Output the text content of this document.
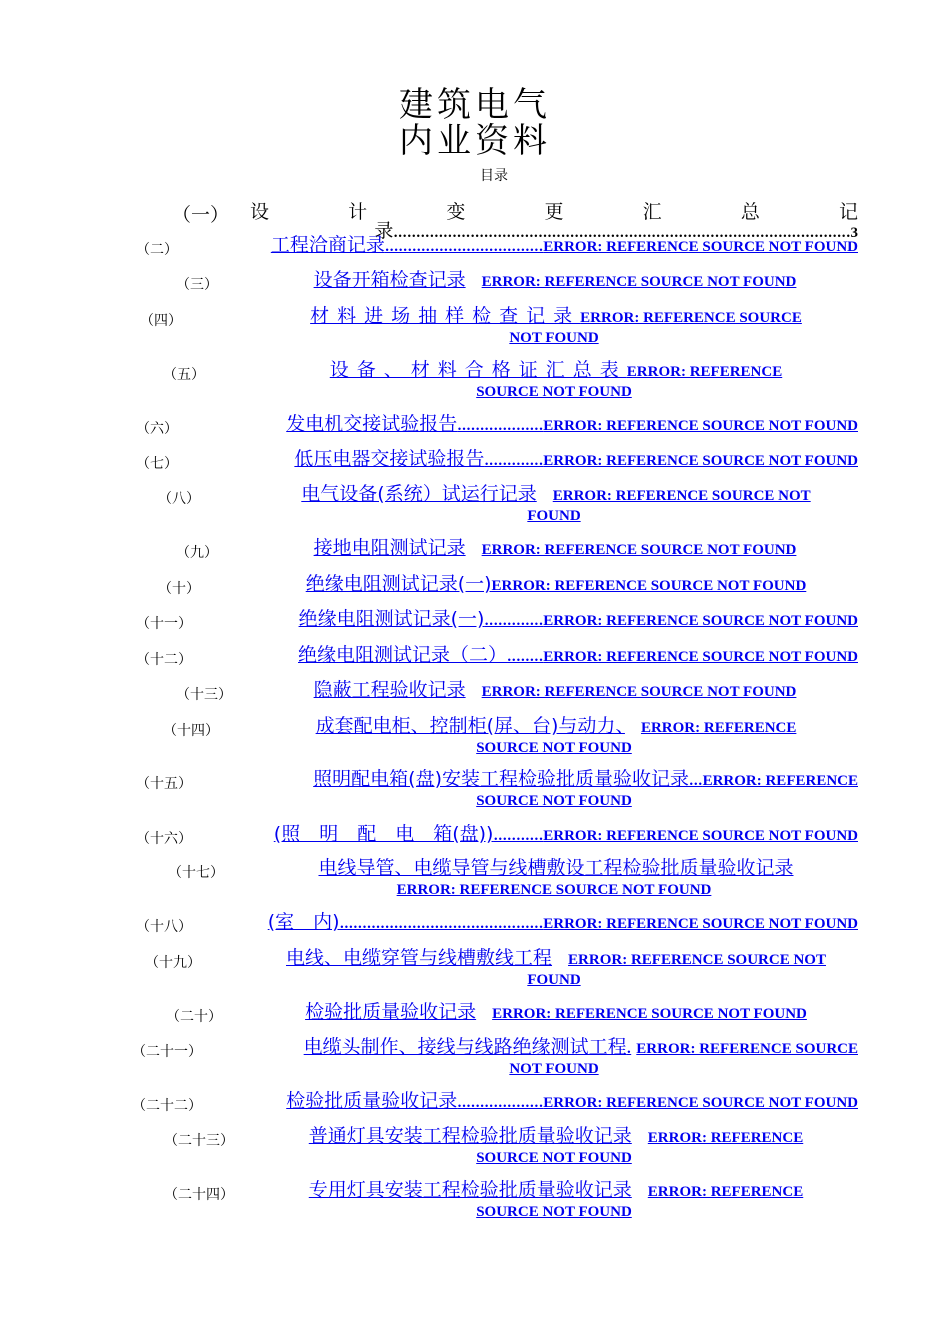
建筑电气
内业资料
目录
（一） 设计变更汇总记录.....................................................................................................3
（二）	工程洽商记录...................................ERROR: REFERENCE SOURCE NOT FOUND
（三）	设备开箱检查记录　 ERROR: REFERENCE SOURCE NOT FOUND
（四）	材料进场抽样检查记录ERROR: REFERENCE SOURCE
NOT FOUND
（五）	设备、材料合格证汇总表ERROR: REFERENCE
SOURCE NOT FOUND
（六）	发电机交接试验报告...................ERROR: REFERENCE SOURCE NOT FOUND
（七）	低压电器交接试验报告.............ERROR: REFERENCE SOURCE NOT FOUND
（八）	电气设备(系统）试运行记录　 ERROR: REFERENCE SOURCE NOT
FOUND
（九）	接地电阻测试记录　 ERROR: REFERENCE SOURCE NOT FOUND
（十）	绝缘电阻测试记录(一)ERROR: REFERENCE SOURCE NOT FOUND
（十一）	绝缘电阻测试记录(一).............ERROR: REFERENCE SOURCE NOT FOUND
（十二）	绝缘电阻测试记录（二）........ERROR: REFERENCE SOURCE NOT FOUND
（十三）	隐蔽工程验收记录　 ERROR: REFERENCE SOURCE NOT FOUND
（十四）	成套配电柜、控制柜(屏、台)与动力、　 ERROR: REFERENCE
SOURCE NOT FOUND
（十五）	照明配电箱(盘)安装工程检验批质量验收记录...ERROR: REFERENCE
SOURCE NOT FOUND
（十六）	(照　明　配　电　箱(盘))...........ERROR: REFERENCE SOURCE NOT FOUND
（十七）	电线导管、电缆导管与线槽敷设工程检验批质量验收记录
ERROR: REFERENCE SOURCE NOT FOUND
（十八）	(室　内).............................................ERROR: REFERENCE SOURCE NOT FOUND
（十九）	电线、电缆穿管与线槽敷线工程　 ERROR: REFERENCE SOURCE NOT
FOUND
（二十）	检验批质量验收记录　 ERROR: REFERENCE SOURCE NOT FOUND
（二十一）	电缆头制作、接线与线路绝缘测试工程. ERROR: REFERENCE SOURCE
NOT FOUND
（二十二）	检验批质量验收记录...................ERROR: REFERENCE SOURCE NOT FOUND
（二十三）	普通灯具安装工程检验批质量验收记录　 ERROR: REFERENCE
SOURCE NOT FOUND
（二十四）	专用灯具安装工程检验批质量验收记录　 ERROR: REFERENCE
SOURCE NOT FOUND
